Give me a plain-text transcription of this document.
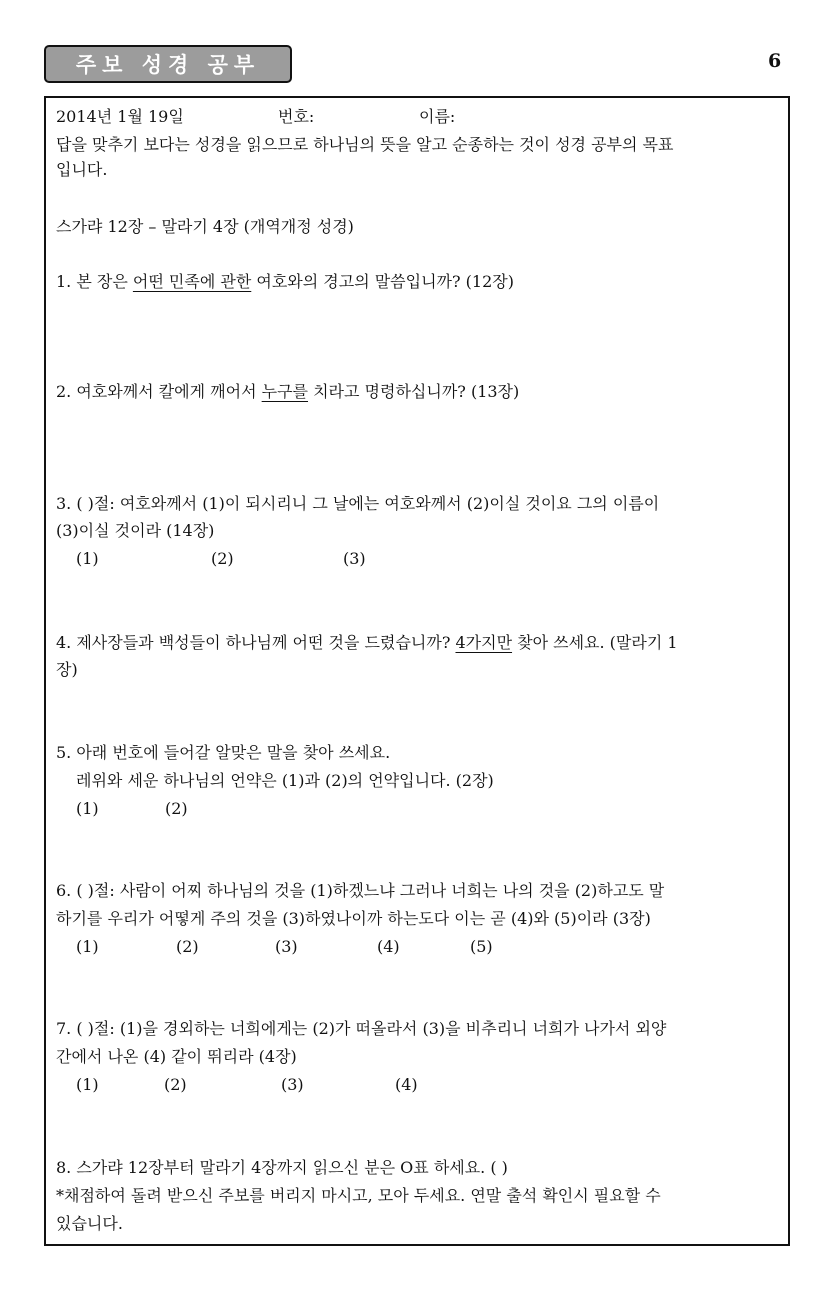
주보 성경 공부	6
2014년 1월 19일	번호:	이름:
답을 맞추기 보다는 성경을 읽으므로 하나님의 뜻을 알고 순종하는 것이 성경 공부의 목표
입니다.
스가랴 12장 – 말라기 4장 (개역개정 성경)
1. 본 장은 어떤 민족에 관한 여호와의 경고의 말씀입니까? (12장)
2. 여호와께서 칼에게 깨어서 누구를 치라고 명령하십니까? (13장)
3. ( )절: 여호와께서 (1)이 되시리니 그 날에는 여호와께서 (2)이실 것이요 그의 이름이
(3)이실 것이라 (14장)
(1)	(2)	(3)
4. 제사장들과 백성들이 하나님께 어떤 것을 드렸습니까? 4가지만 찾아 쓰세요. (말라기 1
장)
5. 아래 번호에 들어갈 알맞은 말을 찾아 쓰세요.
레위와 세운 하나님의 언약은 (1)과 (2)의 언약입니다. (2장)
(1)	(2)
6. ( )절: 사람이 어찌 하나님의 것을 (1)하겠느냐 그러나 너희는 나의 것을 (2)하고도 말
하기를 우리가 어떻게 주의 것을 (3)하였나이까 하는도다 이는 곧 (4)와 (5)이라 (3장)
(1)	(2)	(3)	(4)	(5)
7. ( )절: (1)을 경외하는 너희에게는 (2)가 떠올라서 (3)을 비추리니 너희가 나가서 외양
간에서 나온 (4) 같이 뛰리라 (4장)
(1)	(2)	(3)	(4)
8. 스가랴 12장부터 말라기 4장까지 읽으신 분은 O표 하세요. ( )
*채점하여 돌려 받으신 주보를 버리지 마시고, 모아 두세요. 연말 출석 확인시 필요할 수
있습니다.
